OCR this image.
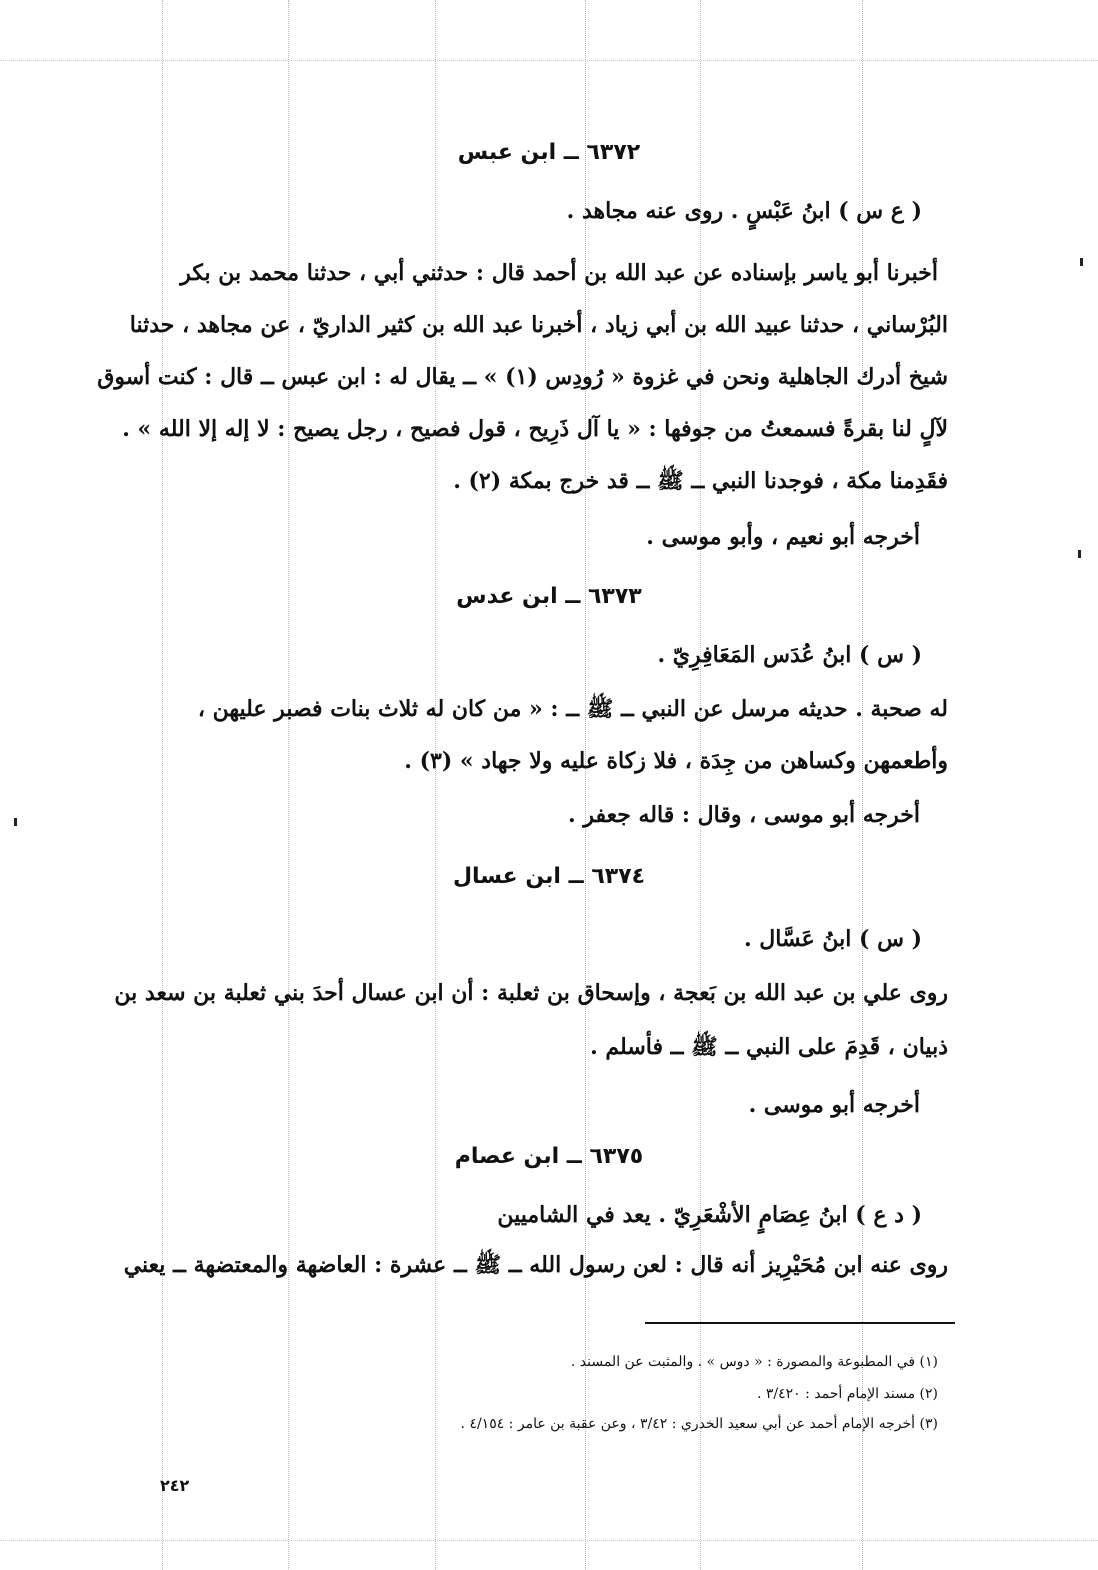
٦٣٧٢ ــ ابن عبس
( ع س ) ابنُ عَبْسٍ . روى عنه مجاهد .
أخبرنا أبو ياسر بإسناده عن عبد الله بن أحمد قال : حدثني أبي ، حدثنا محمد بن بكر
البُرْساني ، حدثنا عبيد الله بن أبي زياد ، أخبرنا عبد الله بن كثير الداريّ ، عن مجاهد ، حدثنا
شيخ أدرك الجاهلية ونحن في غزوة « رُودِس (١) » ــ يقال له : ابن عبس ــ قال : كنت أسوق
لآلٍ لنا بقرةً فسمعتُ من جوفها : « يا آل ذَرِيح ، قول فصيح ، رجل يصيح : لا إله إلا الله » .
فقَدِمنا مكة ، فوجدنا النبي ــ ﷺ ــ قد خرج بمكة (٢) .
أخرجه أبو نعيم ، وأبو موسى .
٦٣٧٣ ــ ابن عدس
( س ) ابنُ عُدَس المَعَافِرِيّ .
له صحبة . حديثه مرسل عن النبي ــ ﷺ ــ : « من كان له ثلاث بنات فصبر عليهن ،
وأطعمهن وكساهن من جِدَة ، فلا زكاة عليه ولا جهاد » (٣) .
أخرجه أبو موسى ، وقال : قاله جعفر .
٦٣٧٤ ــ ابن عسال
( س ) ابنُ عَسَّال .
روى علي بن عبد الله بن بَعجة ، وإسحاق بن ثعلبة : أن ابن عسال أحدَ بني ثعلبة بن سعد بن
ذبيان ، قَدِمَ على النبي ــ ﷺ ــ فأسلم .
أخرجه أبو موسى .
٦٣٧٥ ــ ابن عصام
( د ع ) ابنُ عِصَامٍ الأشْعَرِيّ . يعد في الشاميين
روى عنه ابن مُحَيْرِيز أنه قال : لعن رسول الله ــ ﷺ ــ عشرة : العاضهة والمعتضهة ــ يعني
(١) في المطبوعة والمصورة : « دوس » . والمثبت عن المسند .
(٢) مسند الإمام أحمد : ٣/٤٢٠ .
(٣) أخرجه الإمام أحمد عن أبي سعيد الخدري : ٣/٤٢ ، وعن عقبة بن عامر : ٤/١٥٤ .
٢٤٢
